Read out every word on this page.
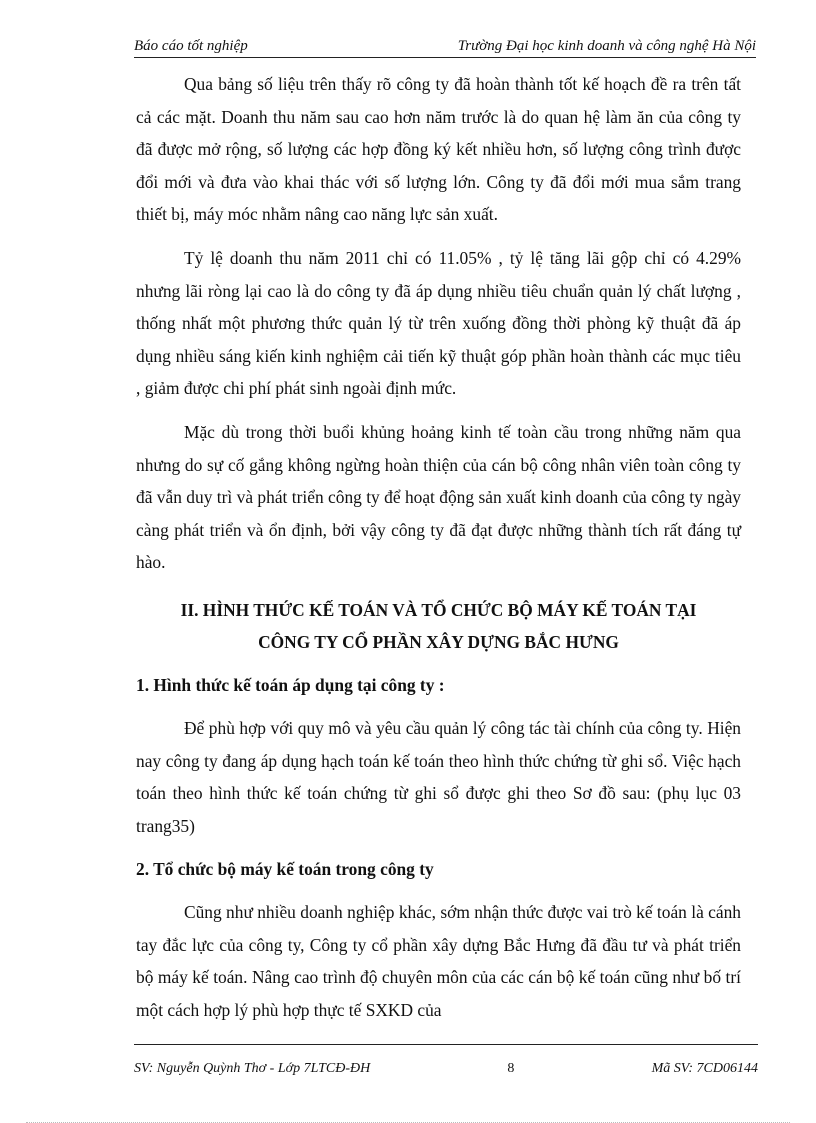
Báo cáo tốt nghiệp	Trường Đại học kinh doanh và công nghệ Hà Nội

Qua bảng số liệu trên thấy rõ công ty đã hoàn thành tốt kế hoạch đề ra trên tất cả các mặt. Doanh thu năm sau cao hơn năm trước là do quan hệ làm ăn của công ty đã được mở rộng, số lượng các hợp đồng ký kết nhiều hơn, số lượng công trình được đổi mới và đưa vào khai thác với số lượng lớn. Công ty đã đổi mới mua sắm trang thiết bị, máy móc nhằm nâng cao năng lực sản xuất.

Tỷ lệ doanh thu năm 2011 chỉ có 11.05% , tỷ lệ tăng lãi gộp chỉ có 4.29% nhưng lãi ròng lại cao là do công ty đã áp dụng nhiều tiêu chuẩn quản lý chất lượng , thống nhất một phương thức quản lý từ trên xuống đồng thời phòng kỹ thuật đã áp dụng nhiều sáng kiến kinh nghiệm cải tiến kỹ thuật góp phần hoàn thành các mục tiêu , giảm được chi phí phát sinh ngoài định mức.

Mặc dù trong thời buổi khủng hoảng kinh tế toàn cầu trong những năm qua nhưng do sự cố gắng không ngừng hoàn thiện của cán bộ công nhân viên toàn công ty đã vẫn duy trì và phát triển công ty để hoạt động sản xuất kinh doanh của công ty ngày càng phát triển và ổn định, bởi vậy công ty đã đạt được những thành tích rất đáng tự hào.

II. HÌNH THỨC KẾ TOÁN VÀ TỔ CHỨC BỘ MÁY KẾ TOÁN TẠI

CÔNG TY CỔ PHẦN XÂY DỰNG BẮC HƯNG

1. Hình thức kế toán áp dụng tại công ty :

Để phù hợp với quy mô và yêu cầu quản lý công tác tài chính của công ty. Hiện nay công ty đang áp dụng hạch toán kế toán theo hình thức chứng từ ghi sổ. Việc hạch toán theo hình thức kế toán chứng từ ghi sổ được ghi theo Sơ đồ sau: (phụ lục 03 trang35)

2. Tổ chức bộ máy kế toán trong công ty

Cũng như nhiều doanh nghiệp khác, sớm nhận thức được vai trò kế toán là cánh tay đắc lực của công ty, Công ty cổ phần xây dựng Bắc Hưng đã đầu tư và phát triển bộ máy kế toán. Nâng cao trình độ chuyên môn của các cán bộ kế toán cũng như bố trí một cách hợp lý phù hợp thực tế SXKD của

SV: Nguyễn Quỳnh Thơ - Lớp 7LTCĐ-ĐH	8	Mã SV: 7CD06144
